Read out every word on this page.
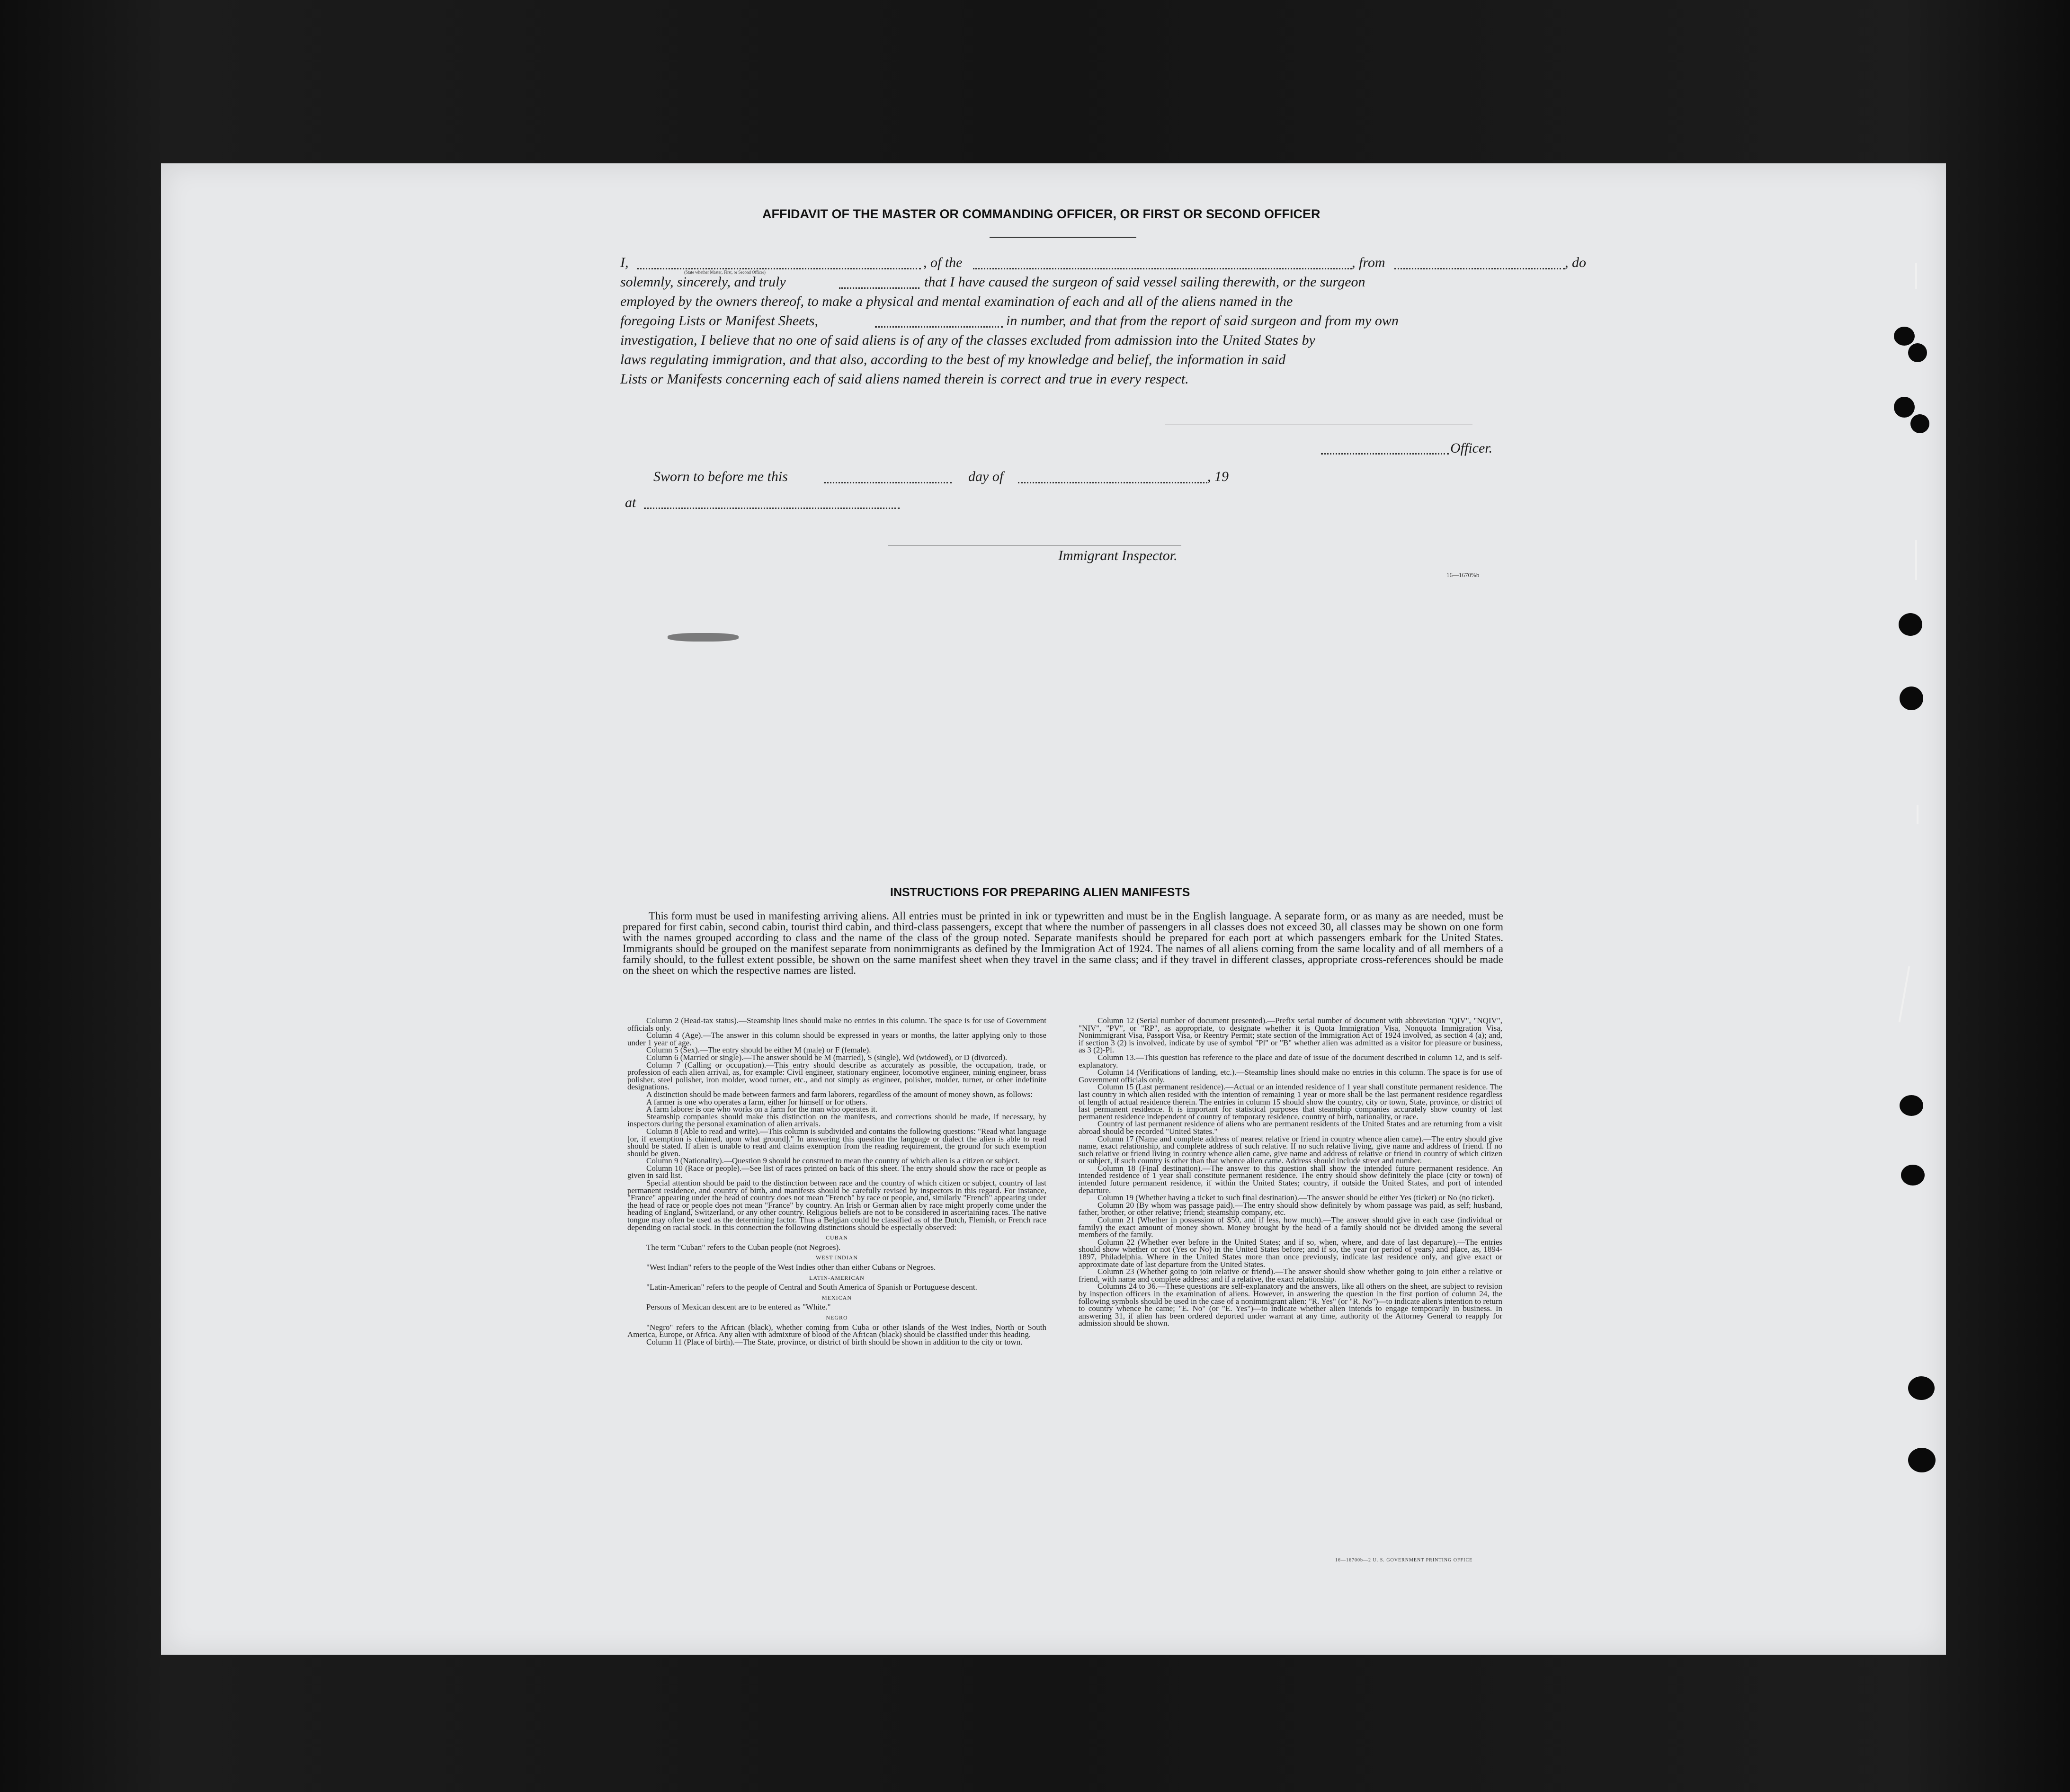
AFFIDAVIT OF THE MASTER OR COMMANDING OFFICER, OR FIRST OR SECOND OFFICER
I,
(State whether Master, First, or Second Officer)
, of the	, from	, do
solemnly, sincerely, and truly	that I have caused the surgeon of said vessel sailing therewith, or the surgeon
employed by the owners thereof, to make a physical and mental examination of each and all of the aliens named in the
foregoing Lists or Manifest Sheets,	in number, and that from the report of said surgeon and from my own
investigation, I believe that no one of said aliens is of any of the classes excluded from admission into the United States by
laws regulating immigration, and that also, according to the best of my knowledge and belief, the information in said
Lists or Manifests concerning each of said aliens named therein is correct and true in every respect.
Officer.
Sworn to before me this	day of	, 19
at
Immigrant Inspector.
16—1670%b
INSTRUCTIONS FOR PREPARING ALIEN MANIFESTS
This form must be used in manifesting arriving aliens. All entries must be printed in ink or typewritten and must be in the English language. A separate form, or as many as are needed, must be prepared for first cabin, second cabin, tourist third cabin, and third-class passengers, except that where the number of passengers in all classes does not exceed 30, all classes may be shown on one form with the names grouped according to class and the name of the class of the group noted. Separate manifests should be prepared for each port at which passengers embark for the United States. Immigrants should be grouped on the manifest separate from nonimmigrants as defined by the Immigration Act of 1924. The names of all aliens coming from the same locality and of all members of a family should, to the fullest extent possible, be shown on the same manifest sheet when they travel in the same class; and if they travel in different classes, appropriate cross-references should be made on the sheet on which the respective names are listed.

Column 2 (Head-tax status).—Steamship lines should make no entries in this column. The space is for use of Government officials only.

Column 4 (Age).—The answer in this column should be expressed in years or months, the latter applying only to those under 1 year of age.

Column 5 (Sex).—The entry should be either M (male) or F (female).

Column 6 (Married or single).—The answer should be M (married), S (single), Wd (widowed), or D (divorced).

Column 7 (Calling or occupation).—This entry should describe as accurately as possible, the occupation, trade, or profession of each alien arrival, as, for example: Civil engineer, stationary engineer, locomotive engineer, mining engineer, brass polisher, steel polisher, iron molder, wood turner, etc., and not simply as engineer, polisher, molder, turner, or other indefinite designations.

A distinction should be made between farmers and farm laborers, regardless of the amount of money shown, as follows:

A farmer is one who operates a farm, either for himself or for others.

A farm laborer is one who works on a farm for the man who operates it.

Steamship companies should make this distinction on the manifests, and corrections should be made, if necessary, by inspectors during the personal examination of alien arrivals.

Column 8 (Able to read and write).—This column is subdivided and contains the following questions: "Read what language [or, if exemption is claimed, upon what ground]." In answering this question the language or dialect the alien is able to read should be stated. If alien is unable to read and claims exemption from the reading requirement, the ground for such exemption should be given.

Column 9 (Nationality).—Question 9 should be construed to mean the country of which alien is a citizen or subject.

Column 10 (Race or people).—See list of races printed on back of this sheet. The entry should show the race or people as given in said list.

Special attention should be paid to the distinction between race and the country of which citizen or subject, country of last permanent residence, and country of birth, and manifests should be carefully revised by inspectors in this regard. For instance, "France" appearing under the head of country does not mean "French" by race or people, and, similarly "French" appearing under the head of race or people does not mean "France" by country. An Irish or German alien by race might properly come under the heading of England, Switzerland, or any other country. Religious beliefs are not to be considered in ascertaining races. The native tongue may often be used as the determining factor. Thus a Belgian could be classified as of the Dutch, Flemish, or French race depending on racial stock. In this connection the following distinctions should be especially observed:

CUBAN

The term "Cuban" refers to the Cuban people (not Negroes).

WEST INDIAN

"West Indian" refers to the people of the West Indies other than either Cubans or Negroes.

LATIN-AMERICAN

"Latin-American" refers to the people of Central and South America of Spanish or Portuguese descent.

MEXICAN

Persons of Mexican descent are to be entered as "White."

NEGRO

"Negro" refers to the African (black), whether coming from Cuba or other islands of the West Indies, North or South America, Europe, or Africa. Any alien with admixture of blood of the African (black) should be classified under this heading.

Column 11 (Place of birth).—The State, province, or district of birth should be shown in addition to the city or town.

Column 12 (Serial number of document presented).—Prefix serial number of document with abbreviation "QIV", "NQIV", "NIV", "PV", or "RP", as appropriate, to designate whether it is Quota Immigration Visa, Nonquota Immigration Visa, Nonimmigrant Visa, Passport Visa, or Reentry Permit; state section of the Immigration Act of 1924 involved, as section 4 (a); and, if section 3 (2) is involved, indicate by use of symbol "Pl" or "B" whether alien was admitted as a visitor for pleasure or business, as 3 (2)-Pl.

Column 13.—This question has reference to the place and date of issue of the document described in column 12, and is self-explanatory.

Column 14 (Verifications of landing, etc.).—Steamship lines should make no entries in this column. The space is for use of Government officials only.

Column 15 (Last permanent residence).—Actual or an intended residence of 1 year shall constitute permanent residence. The last country in which alien resided with the intention of remaining 1 year or more shall be the last permanent residence regardless of length of actual residence therein. The entries in column 15 should show the country, city or town, State, province, or district of last permanent residence. It is important for statistical purposes that steamship companies accurately show country of last permanent residence independent of country of temporary residence, country of birth, nationality, or race.

Country of last permanent residence of aliens who are permanent residents of the United States and are returning from a visit abroad should be recorded "United States."

Column 17 (Name and complete address of nearest relative or friend in country whence alien came).—The entry should give name, exact relationship, and complete address of such relative. If no such relative living, give name and address of friend. If no such relative or friend living in country whence alien came, give name and address of relative or friend in country of which citizen or subject, if such country is other than that whence alien came. Address should include street and number.

Column 18 (Final destination).—The answer to this question shall show the intended future permanent residence. An intended residence of 1 year shall constitute permanent residence. The entry should show definitely the place (city or town) of intended future permanent residence, if within the United States; country, if outside the United States, and port of intended departure.

Column 19 (Whether having a ticket to such final destination).—The answer should be either Yes (ticket) or No (no ticket).

Column 20 (By whom was passage paid).—The entry should show definitely by whom passage was paid, as self; husband, father, brother, or other relative; friend; steamship company, etc.

Column 21 (Whether in possession of $50, and if less, how much).—The answer should give in each case (individual or family) the exact amount of money shown. Money brought by the head of a family should not be divided among the several members of the family.

Column 22 (Whether ever before in the United States; and if so, when, where, and date of last departure).—The entries should show whether or not (Yes or No) in the United States before; and if so, the year (or period of years) and place, as, 1894-1897, Philadelphia. Where in the United States more than once previously, indicate last residence only, and give exact or approximate date of last departure from the United States.

Column 23 (Whether going to join relative or friend).—The answer should show whether going to join either a relative or friend, with name and complete address; and if a relative, the exact relationship.

Columns 24 to 36.—These questions are self-explanatory and the answers, like all others on the sheet, are subject to revision by inspection officers in the examination of aliens. However, in answering the question in the first portion of column 24, the following symbols should be used in the case of a nonimmigrant alien: "R. Yes" (or "R. No")—to indicate alien's intention to return to country whence he came; "E. No" (or "E. Yes")—to indicate whether alien intends to engage temporarily in business. In answering 31, if alien has been ordered deported under warrant at any time, authority of the Attorney General to reapply for admission should be shown.

16—16700b—2 U. S. GOVERNMENT PRINTING OFFICE
